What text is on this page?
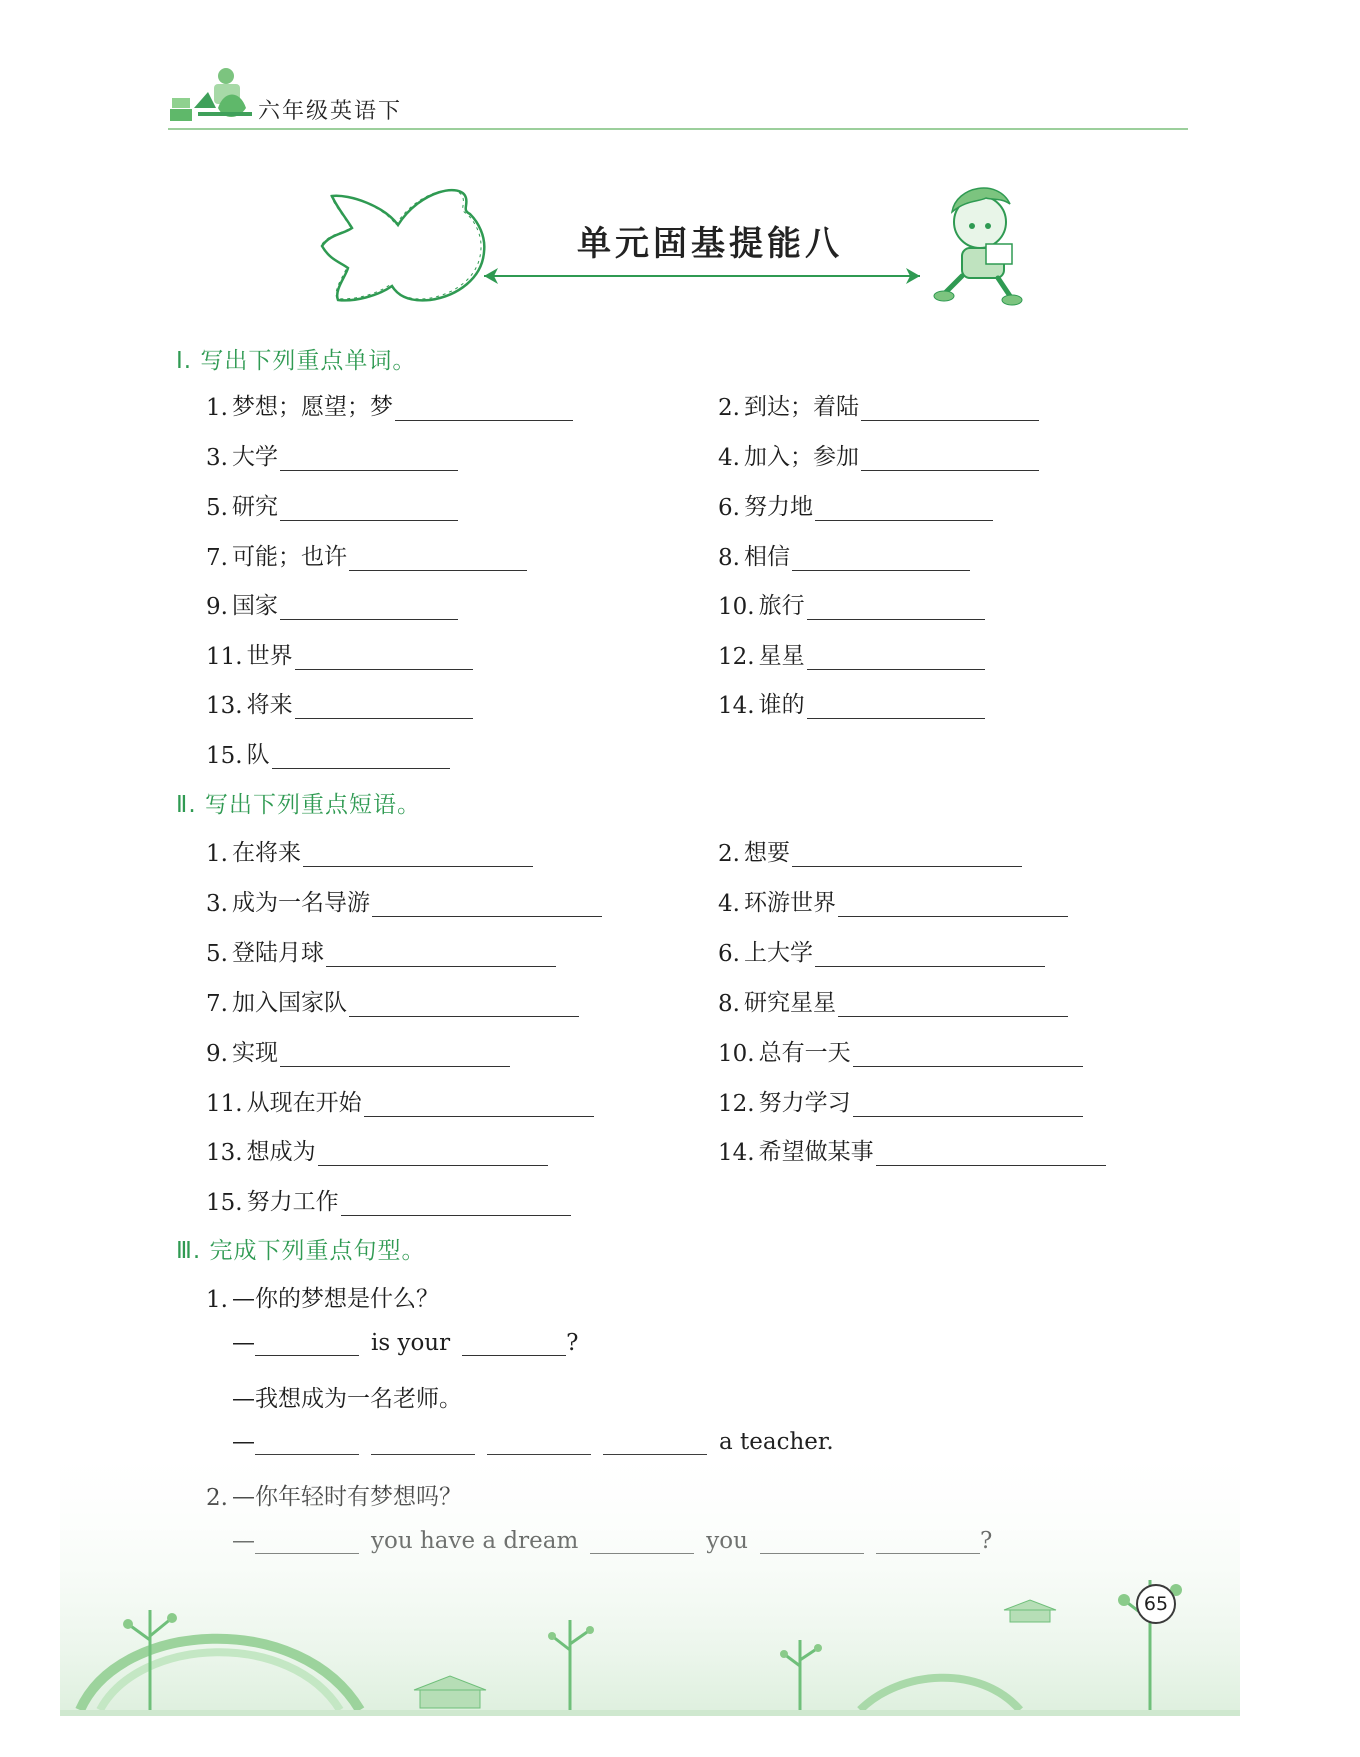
六年级英语下
单元固基提能八
Ⅰ. 写出下列重点单词。
1. 梦想；愿望；梦	2. 到达；着陆
3. 大学	4. 加入；参加
5. 研究	6. 努力地
7. 可能；也许	8. 相信
9. 国家	10. 旅行
11. 世界	12. 星星
13. 将来	14. 谁的
15. 队
Ⅱ. 写出下列重点短语。
1. 在将来	2. 想要
3. 成为一名导游	4. 环游世界
5. 登陆月球	6. 上大学
7. 加入国家队	8. 研究星星
9. 实现	10. 总有一天
11. 从现在开始	12. 努力学习
13. 想成为	14. 希望做某事
15. 努力工作
Ⅲ. 完成下列重点句型。
1. —你的梦想是什么？
—	is your	?
—我想成为一名老师。
65
